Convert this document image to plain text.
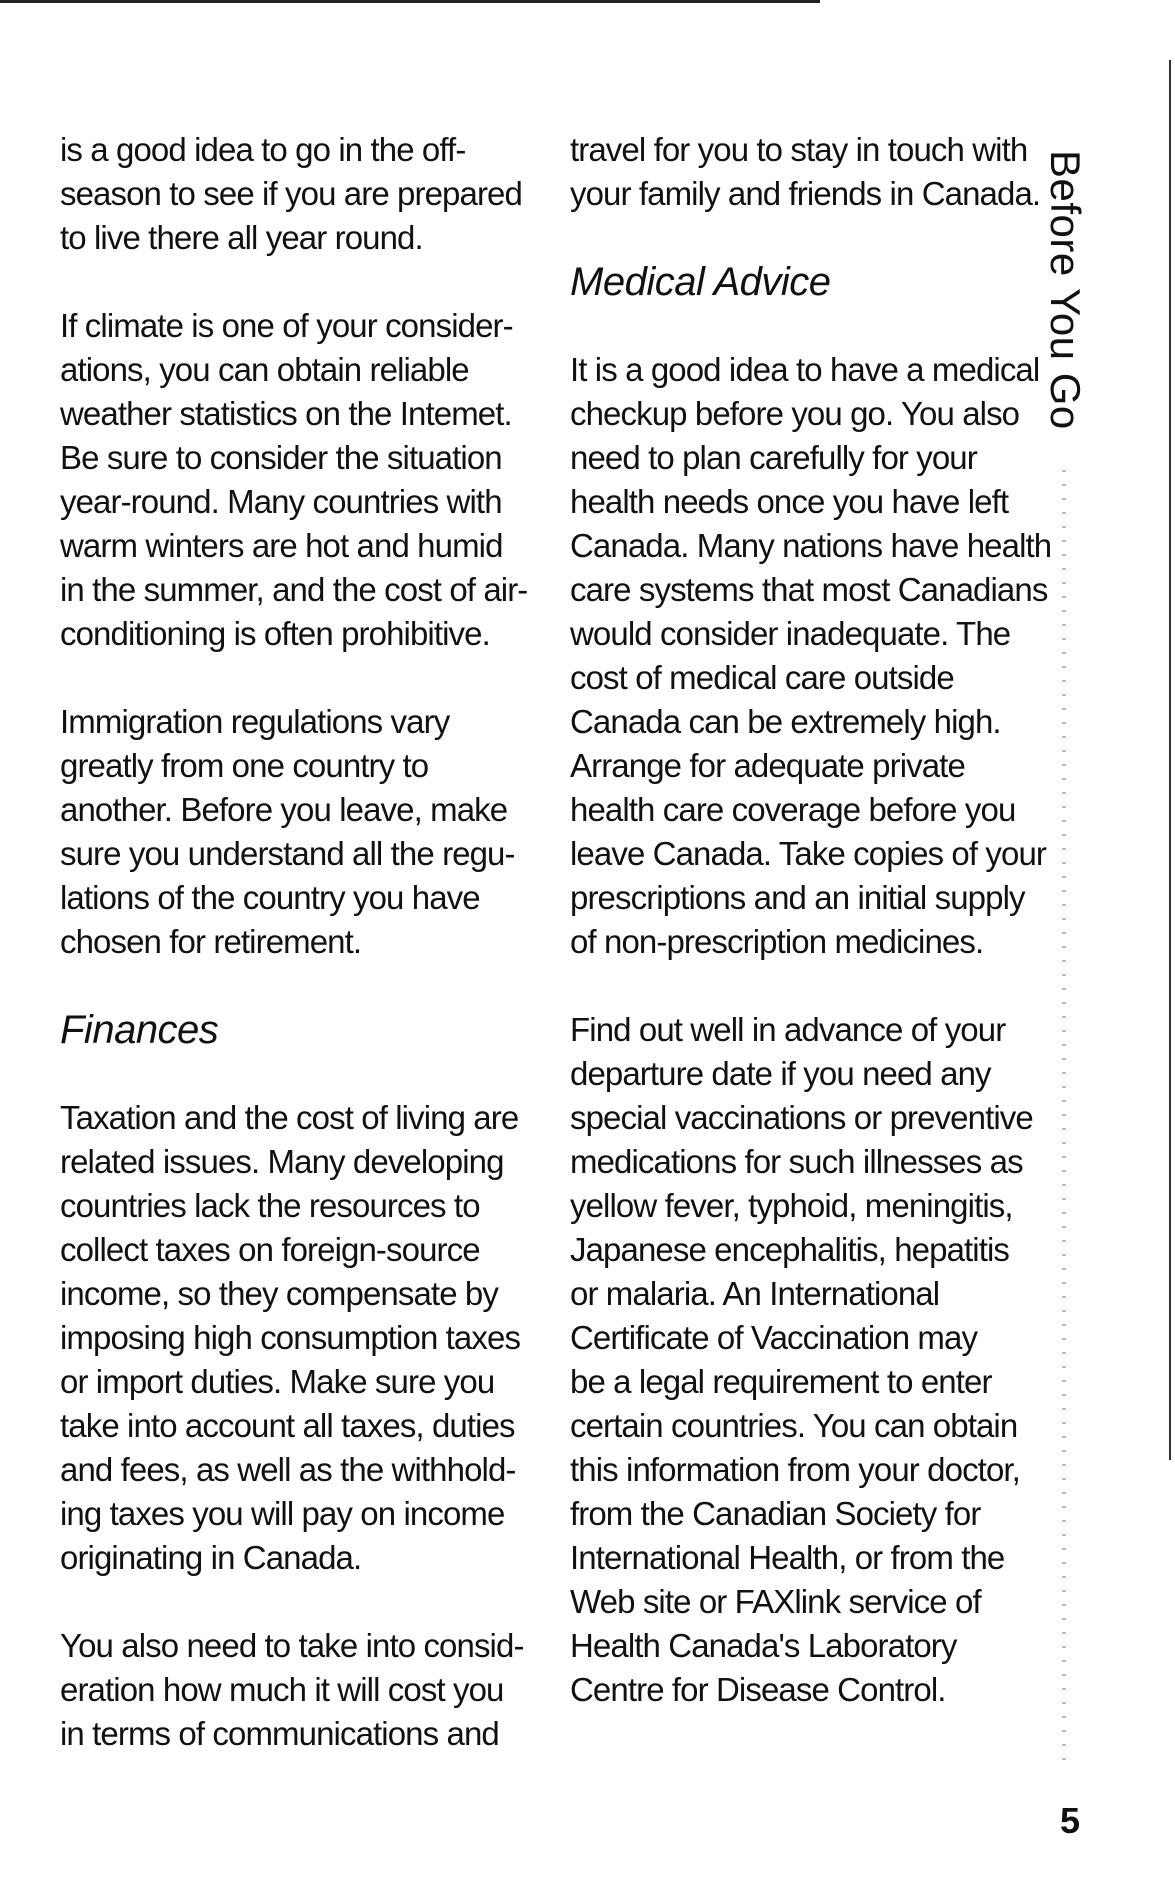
is a good idea to go in the off-
season to see if you are prepared
to live there all year round.
If climate is one of your consider-
ations, you can obtain reliable
weather statistics on the Intemet.
Be sure to consider the situation
year-round. Many countries with
warm winters are hot and humid
in the summer, and the cost of air-
conditioning is often prohibitive.
Immigration regulations vary
greatly from one country to
another. Before you leave, make
sure you understand all the regu-
lations of the country you have
chosen for retirement.
Finances
Taxation and the cost of living are
related issues. Many developing
countries lack the resources to
collect taxes on foreign-source
income, so they compensate by
imposing high consumption taxes
or import duties. Make sure you
take into account all taxes, duties
and fees, as well as the withhold-
ing taxes you will pay on income
originating in Canada.
You also need to take into consid-
eration how much it will cost you
in terms of communications and
travel for you to stay in touch with
your family and friends in Canada.
Medical Advice
It is a good idea to have a medical
checkup before you go. You also
need to plan carefully for your
health needs once you have left
Canada. Many nations have health
care systems that most Canadians
would consider inadequate. The
cost of medical care outside
Canada can be extremely high.
Arrange for adequate private
health care coverage before you
leave Canada. Take copies of your
prescriptions and an initial supply
of non-prescription medicines.
Find out well in advance of your
departure date if you need any
special vaccinations or preventive
medications for such illnesses as
yellow fever, typhoid, meningitis,
Japanese encephalitis, hepatitis
or malaria. An International
Certificate of Vaccination may
be a legal requirement to enter
certain countries. You can obtain
this information from your doctor,
from the Canadian Society for
International Health, or from the
Web site or FAXlink service of
Health Canada's Laboratory
Centre for Disease Control.
Before You Go
5
